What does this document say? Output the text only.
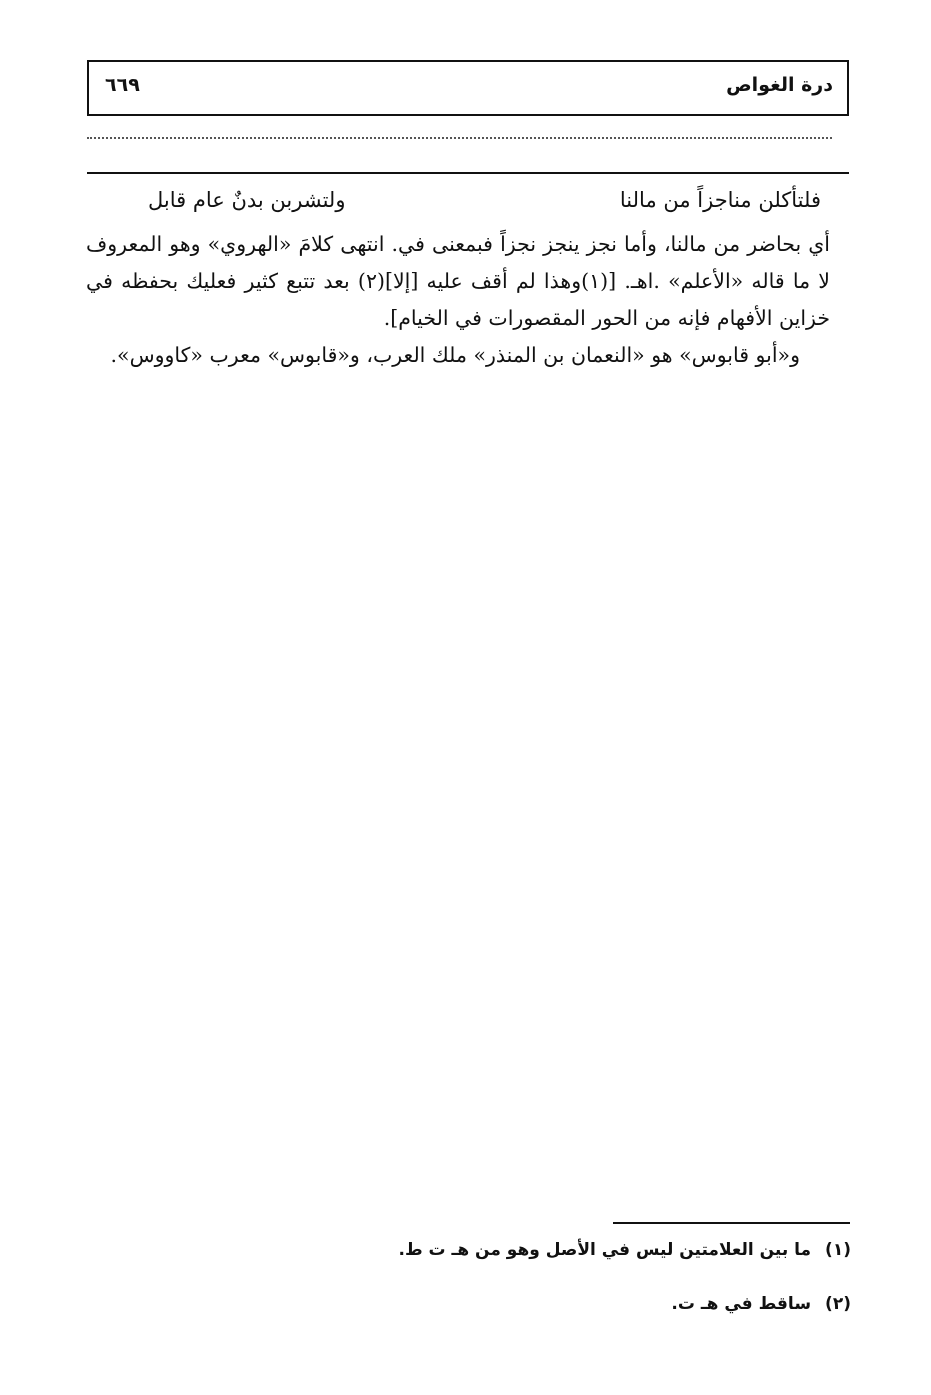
درة الغواص
٦٦٩
فلتأكلن مناجزاً من مالنا
ولتشربن بدنٌ عام قابل

أي بحاضر من مالنا، وأما نجز ينجز نجزاً فبمعنى في. انتهى كلامَ «الهروي» وهو المعروف لا ما قاله «الأعلم» .اهـ. [(١)وهذا لم أقف عليه [إلا](٢) بعد تتبع كثير فعليك بحفظه في خزاين الأفهام فإنه من الحور المقصورات في الخيام].

و«أبو قابوس» هو «النعمان بن المنذر» ملك العرب، و«قابوس» معرب «كاووس».

(١)ما بين العلامتين ليس في الأصل وهو من هـ ت ط.
(٢)ساقط في هـ ت.
